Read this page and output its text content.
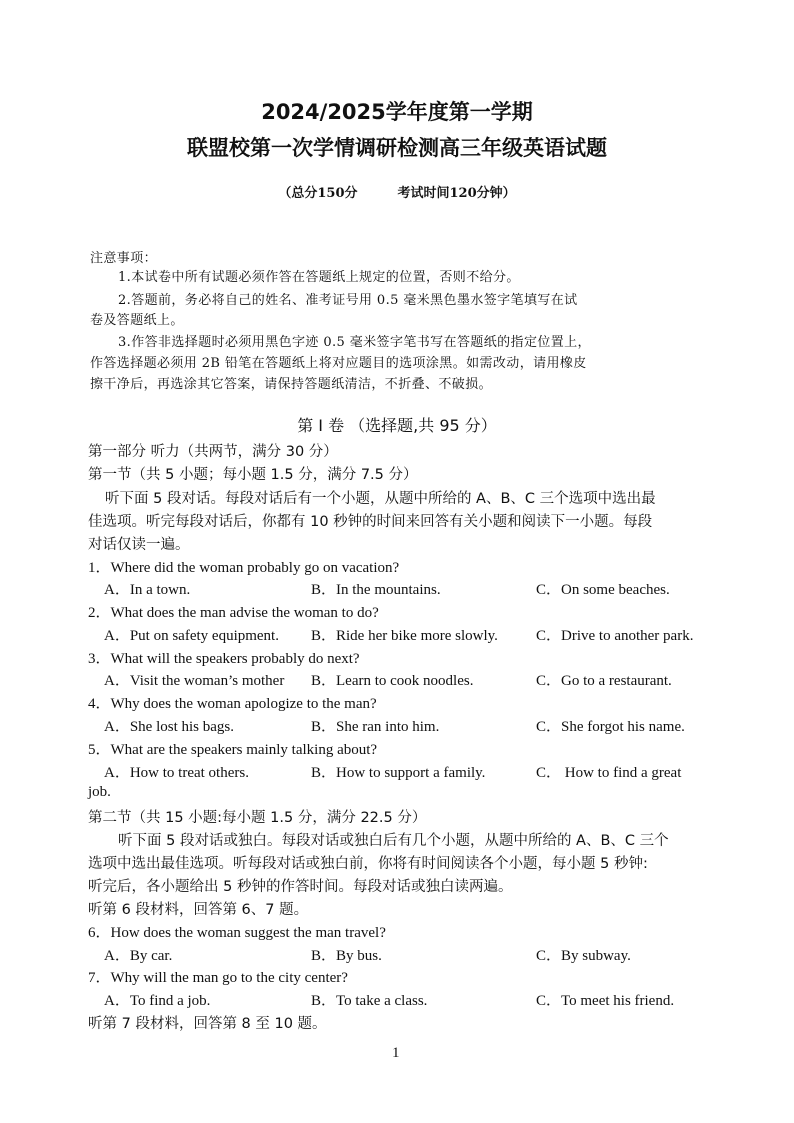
2024/2025学年度第一学期
联盟校第一次学情调研检测高三年级英语试题
（总分150分	考试时间120分钟）
注意事项：
1.本试卷中所有试题必须作答在答题纸上规定的位置，否则不给分。
2.答题前，务必将自己的姓名、准考证号用 0.5 毫米黑色墨水签字笔填写在试
卷及答题纸上。
3.作答非选择题时必须用黑色字迹 0.5 毫米签字笔书写在答题纸的指定位置上，
作答选择题必须用 2B 铅笔在答题纸上将对应题目的选项涂黑。如需改动，请用橡皮
擦干净后，再选涂其它答案，请保持答题纸清洁，不折叠、不破损。
第 Ⅰ 卷 （选择题,共 95 分）
第一部分 听力（共两节，满分 30 分）
第一节（共 5 小题；每小题 1.5 分，满分 7.5 分）
听下面 5 段对话。每段对话后有一个小题，从题中所给的 A、B、C 三个选项中选出最
佳选项。听完每段对话后，你都有 10 秒钟的时间来回答有关小题和阅读下一小题。每段
对话仅读一遍。
1．Where did the woman probably go on vacation?
A．In a town.	B．In the mountains.	C．On some beaches.
2．What does the man advise the woman to do?
A．Put on safety equipment. B．Ride her bike more slowly.	C．Drive to another park.
3．What will the speakers probably do next?
A．Visit the woman’s mother B．Learn to cook noodles.	C．Go to a restaurant.
4．Why does the woman apologize to the man?
A．She lost his bags.	B．She ran into him.	C．She forgot his name.
5．What are the speakers mainly talking about?
A．How to treat others.	B．How to support a family.	C． How to find a great
job.
第二节（共 15 小题:每小题 1.5 分，满分 22.5 分）
听下面 5 段对话或独白。每段对话或独白后有几个小题，从题中所给的 A、B、C 三个
选项中选出最佳选项。听每段对话或独白前，你将有时间阅读各个小题，每小题 5 秒钟:
听完后，各小题给出 5 秒钟的作答时间。每段对话或独白读两遍。
听第 6 段材料，回答第 6、7 题。
6．How does the woman suggest the man travel?
A．By car.	B．By bus.	C．By subway.
7．Why will the man go to the city center?
A．To find a job.	B．To take a class.	C．To meet his friend.
听第 7 段材料，回答第 8 至 10 题。
1
